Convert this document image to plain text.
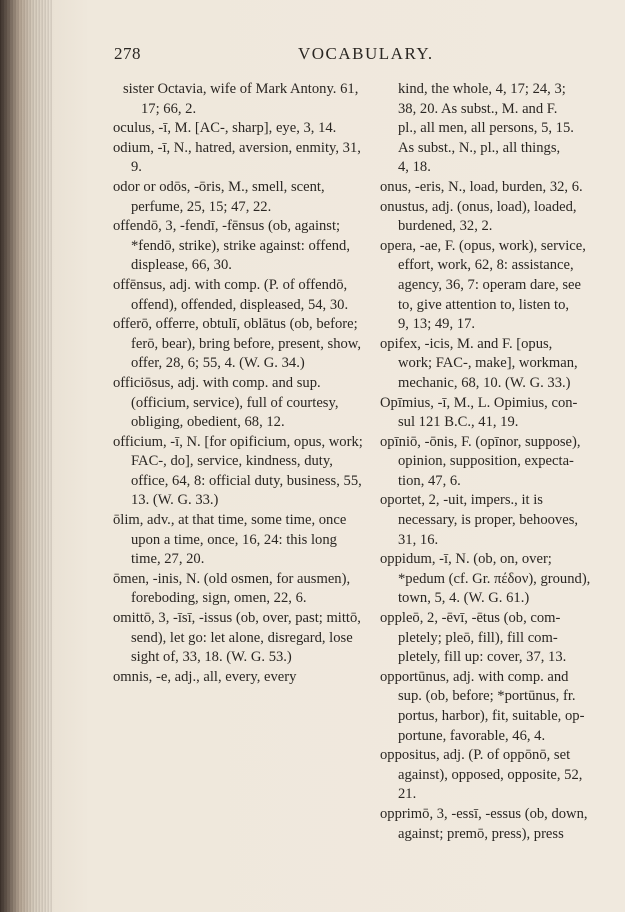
278	VOCABULARY.

sister Octavia, wife of Mark Antony. 61, 17; 66, 2.

oculus, -ī, M. [AC-, sharp], eye, 3, 14.

odium, -ī, N., hatred, aversion, enmity, 31, 9.

odor or odōs, -ōris, M., smell, scent, perfume, 25, 15; 47, 22.

offendō, 3, -fendī, -fēnsus (ob, against; *fendō, strike), strike against: offend, displease, 66, 30.

offēnsus, adj. with comp. (P. of offendō, offend), offended, displeased, 54, 30.

offerō, offerre, obtulī, oblātus (ob, before; ferō, bear), bring before, present, show, offer, 28, 6; 55, 4. (W. G. 34.)

officiōsus, adj. with comp. and sup. (officium, service), full of courtesy, obliging, obedient, 68, 12.

officium, -ī, N. [for opificium, opus, work; FAC-, do], service, kindness, duty, office, 64, 8: official duty, business, 55, 13. (W. G. 33.)

ōlim, adv., at that time, some time, once upon a time, once, 16, 24: this long time, 27, 20.

ōmen, -inis, N. (old osmen, for ausmen), foreboding, sign, omen, 22, 6.

omittō, 3, -īsī, -issus (ob, over, past; mittō, send), let go: let alone, disregard, lose sight of, 33, 18. (W. G. 53.)

omnis, -e, adj., all, every, every

kind, the whole, 4, 17; 24, 3;
38, 20. As subst., M. and F.
pl., all men, all persons, 5, 15.
As subst., N., pl., all things,
4, 18.
onus, -eris, N., load, burden, 32, 6.
onustus, adj. (onus, load), loaded,
burdened, 32, 2.
opera, -ae, F. (opus, work), service,
effort, work, 62, 8: assistance,
agency, 36, 7: operam dare, see
to, give attention to, listen to,
9, 13; 49, 17.
opifex, -icis, M. and F. [opus,
work; FAC-, make], workman,
mechanic, 68, 10. (W. G. 33.)
Opīmius, -ī, M., L. Opimius, con-
sul 121 B.C., 41, 19.
opīniō, -ōnis, F. (opīnor, suppose),
opinion, supposition, expecta-
tion, 47, 6.
oportet, 2, -uit, impers., it is
necessary, is proper, behooves,
31, 16.
oppidum, -ī, N. (ob, on, over;
*pedum (cf. Gr. πέδον), ground),
town, 5, 4. (W. G. 61.)
oppleō, 2, -ēvī, -ētus (ob, com-
pletely; pleō, fill), fill com-
pletely, fill up: cover, 37, 13.
opportūnus, adj. with comp. and
sup. (ob, before; *portūnus, fr.
portus, harbor), fit, suitable, op-
portune, favorable, 46, 4.
oppositus, adj. (P. of oppōnō, set
against), opposed, opposite, 52,
21.
opprimō, 3, -essī, -essus (ob, down,
against; premō, press), press
